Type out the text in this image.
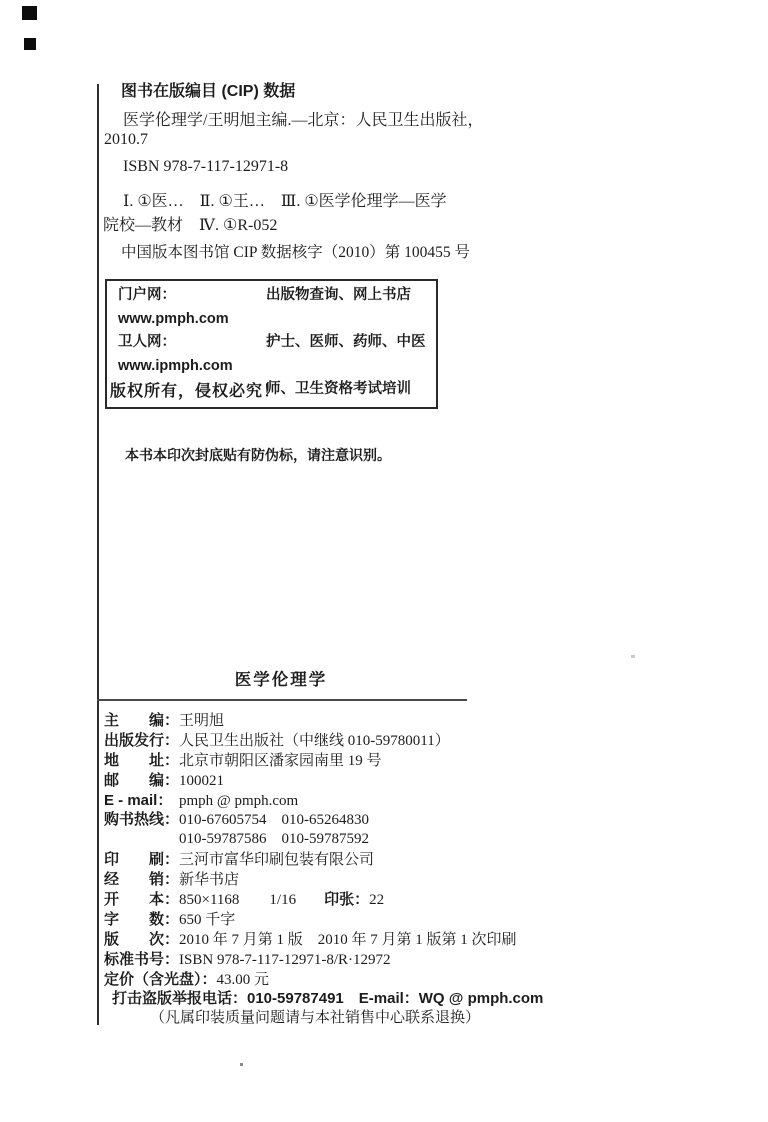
图书在版编目 (CIP) 数据
医学伦理学/王明旭主编.—北京：人民卫生出版社，
2010.7
ISBN 978-7-117-12971-8
Ⅰ. ①医…　Ⅱ. ①王…　Ⅲ. ①医学伦理学—医学
院校—教材　Ⅳ. ①R-052
中国版本图书馆 CIP 数据核字（2010）第 100455 号
门户网：www.pmph.com
出版物查询、网上书店
卫人网：www.ipmph.com
护士、医师、药师、中医
师、卫生资格考试培训
版权所有，侵权必究！
本书本印次封底贴有防伪标，请注意识别。
医学伦理学
主　　编：王明旭
出版发行：人民卫生出版社（中继线 010-59780011）
地　　址：北京市朝阳区潘家园南里 19 号
邮　　编：100021
E - mail： pmph @ pmph.com
购书热线：010-67605754　010-65264830
010-59787586　010-59787592
印　　刷：三河市富华印刷包装有限公司
经　　销：新华书店
开　　本：850×1168　　1/16 印张：22
字　　数：650 千字
版　　次：2010 年 7 月第 1 版　2010 年 7 月第 1 版第 1 次印刷
标准书号：ISBN 978-7-117-12971-8/R·12972
定价（含光盘）：43.00 元
打击盗版举报电话：010-59787491　E-mail：WQ @ pmph.com
（凡属印装质量问题请与本社销售中心联系退换）
